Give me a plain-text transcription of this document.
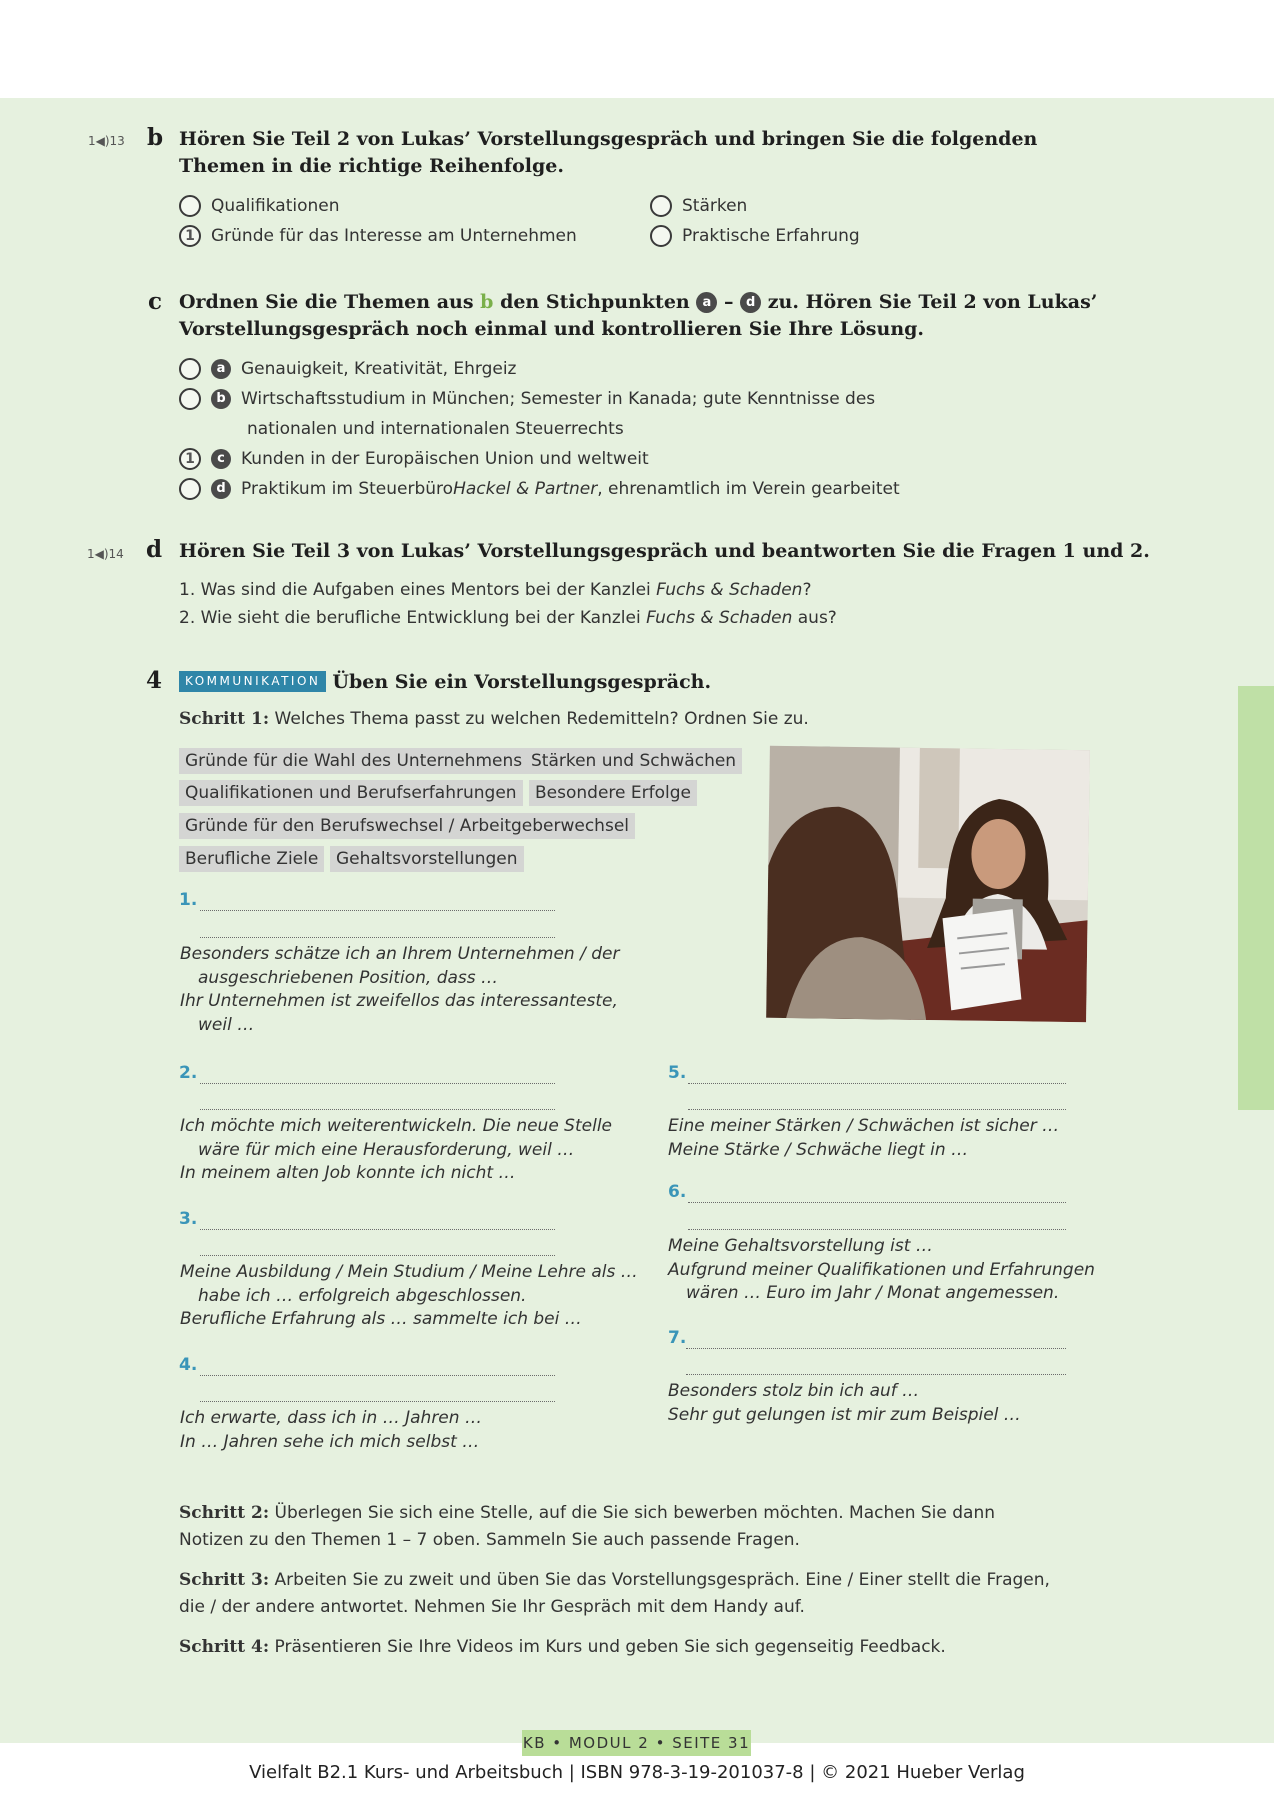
1◀)13 b Hören Sie Teil 2 von Lukas’ Vorstellungsgespräch und bringen Sie die folgenden Themen in die richtige Reihenfolge.
Qualifikationen
1 Gründe für das Interesse am Unternehmen
Stärken
Praktische Erfahrung
c Ordnen Sie die Themen aus b den Stichpunkten a – d zu. Hören Sie Teil 2 von Lukas’
Vorstellungsgespräch noch einmal und kontrollieren Sie Ihre Lösung.
a Genauigkeit, Kreativität, Ehrgeiz
b Wirtschaftsstudium in München; Semester in Kanada; gute Kenntnisse des
nationalen und internationalen Steuerrechts
1	c Kunden in der Europäischen Union und weltweit
d Praktikum im Steuerbüro Hackel & Partner , ehrenamtlich im Verein gearbeitet
1◀)14 d Hören Sie Teil 3 von Lukas’ Vorstellungsgespräch und beantworten Sie die Fragen 1 und 2.
1. Was sind die Aufgaben eines Mentors bei der Kanzlei Fuchs & Schaden?
2. Wie sieht die berufliche Entwicklung bei der Kanzlei Fuchs & Schaden aus?
4	KOMMUNIKATION Üben Sie ein Vorstellungsgespräch.
Schritt 1: Welches Thema passt zu welchen Redemitteln? Ordnen Sie zu.
Gründe für die Wahl des Unternehmens Stärken und Schwächen
Qualifikationen und Berufserfahrungen	Besondere Erfolge
Gründe für den Berufswechsel / Arbeitgeberwechsel
Berufliche Ziele	Gehaltsvorstellungen
1.
Besonders schätze ich an Ihrem Unternehmen / der
ausgeschriebenen Position, dass …
Ihr Unternehmen ist zweifellos das interessanteste,
weil …
2.
Ich möchte mich weiterentwickeln. Die neue Stelle
wäre für mich eine Herausforderung, weil …
In meinem alten Job konnte ich nicht …
3.
Meine Ausbildung / Mein Studium / Meine Lehre als …
habe ich … erfolgreich abgeschlossen.
Berufliche Erfahrung als … sammelte ich bei …
4.
Ich erwarte, dass ich in … Jahren …
In … Jahren sehe ich mich selbst …
5.
Eine meiner Stärken / Schwächen ist sicher …
Meine Stärke / Schwäche liegt in …
6.
Meine Gehaltsvorstellung ist …
Aufgrund meiner Qualifikationen und Erfahrungen
wären … Euro im Jahr / Monat angemessen.
7.
Besonders stolz bin ich auf …
Sehr gut gelungen ist mir zum Beispiel …
Schritt 2: Überlegen Sie sich eine Stelle, auf die Sie sich bewerben möchten. Machen Sie dann
Notizen zu den Themen 1 – 7 oben. Sammeln Sie auch passende Fragen.
Schritt 3: Arbeiten Sie zu zweit und üben Sie das Vorstellungsgespräch. Eine / Einer stellt die Fragen,
die / der andere antwortet. Nehmen Sie Ihr Gespräch mit dem Handy auf.
Schritt 4: Präsentieren Sie Ihre Videos im Kurs und geben Sie sich gegenseitig Feedback.
KB • MODUL 2 • SEITE 31
Vielfalt B2.1 Kurs- und Arbeitsbuch | ISBN 978-3-19-201037-8 | © 2021 Hueber Verlag
